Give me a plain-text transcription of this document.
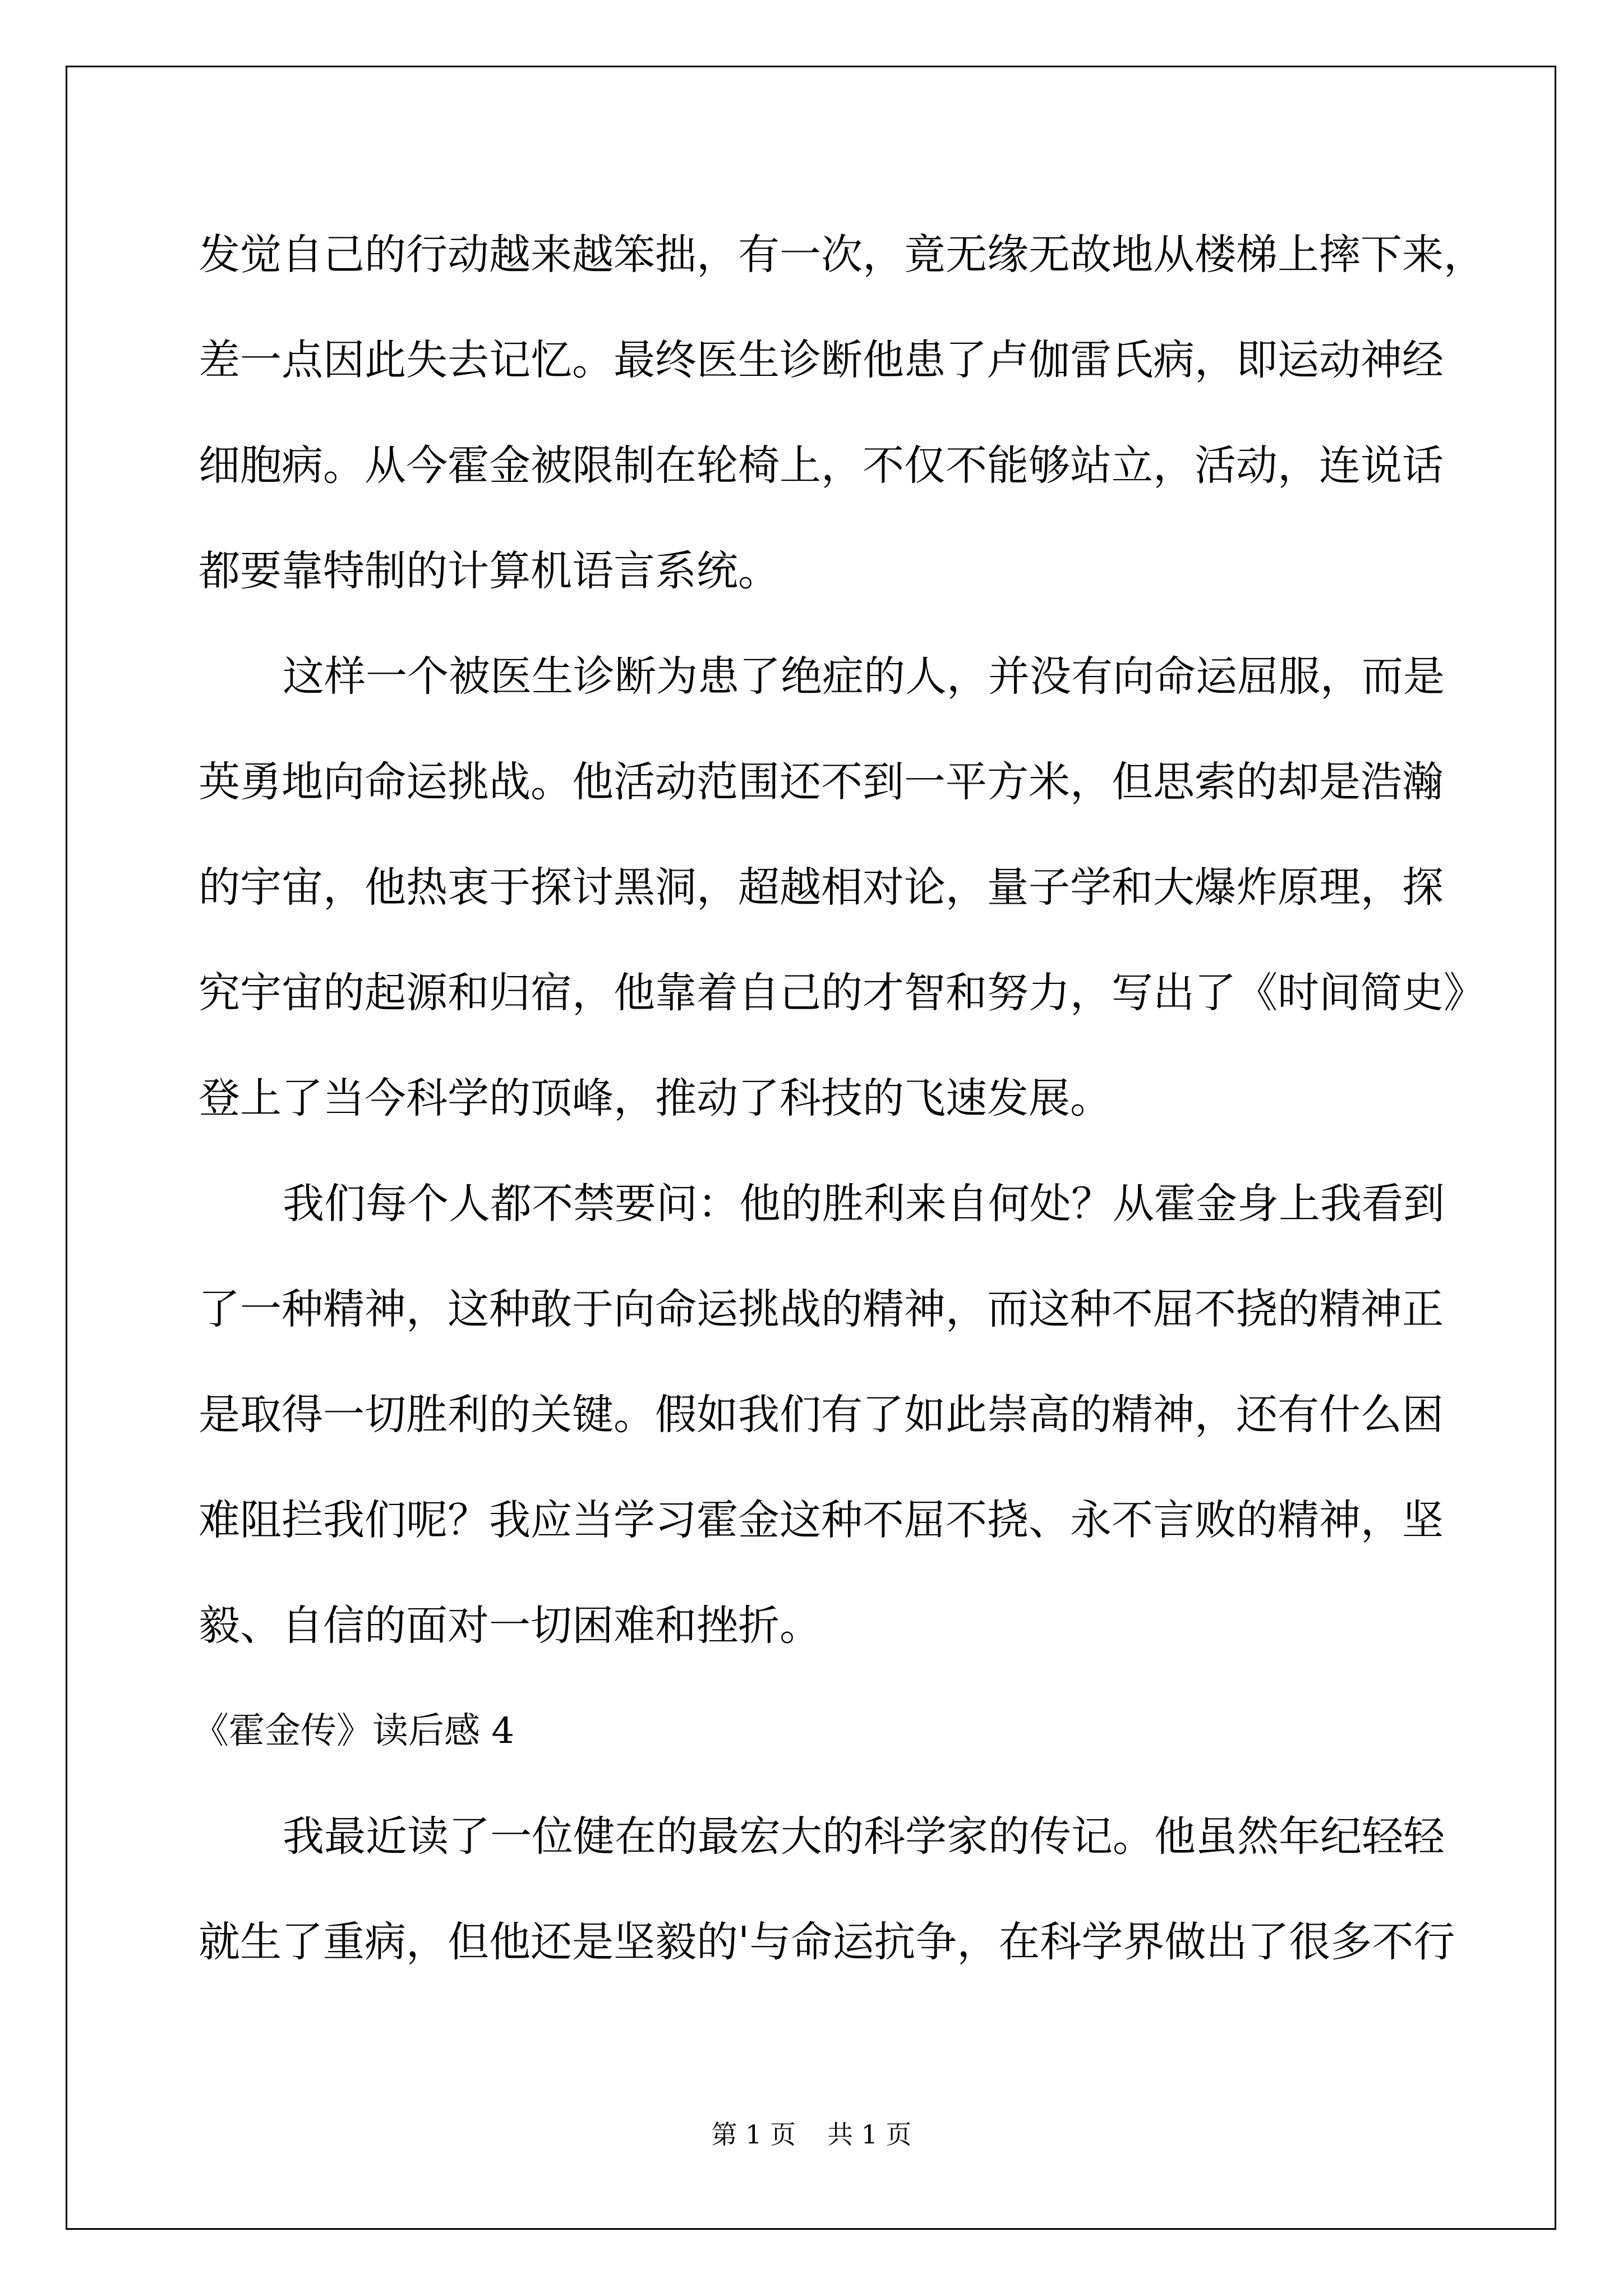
发觉自己的行动越来越笨拙，有一次，竟无缘无故地从楼梯上摔下来，
差一点因此失去记忆。最终医生诊断他患了卢伽雷氏病，即运动神经
细胞病。从今霍金被限制在轮椅上，不仅不能够站立，活动，连说话
都要靠特制的计算机语言系统。
这样一个被医生诊断为患了绝症的人，并没有向命运屈服，而是
英勇地向命运挑战。他活动范围还不到一平方米，但思索的却是浩瀚
的宇宙，他热衷于探讨黑洞，超越相对论，量子学和大爆炸原理，探
究宇宙的起源和归宿，他靠着自己的才智和努力，写出了《时间简史》
登上了当今科学的顶峰，推动了科技的飞速发展。
我们每个人都不禁要问：他的胜利来自何处？从霍金身上我看到
了一种精神，这种敢于向命运挑战的精神，而这种不屈不挠的精神正
是取得一切胜利的关键。假如我们有了如此崇高的精神，还有什么困
难阻拦我们呢？我应当学习霍金这种不屈不挠、永不言败的精神，坚
毅、自信的面对一切困难和挫折。
《霍金传》读后感 4
我最近读了一位健在的最宏大的科学家的传记。他虽然年纪轻轻
就生了重病，但他还是坚毅的'与命运抗争，在科学界做出了很多不行
第 1 页 共 1 页
